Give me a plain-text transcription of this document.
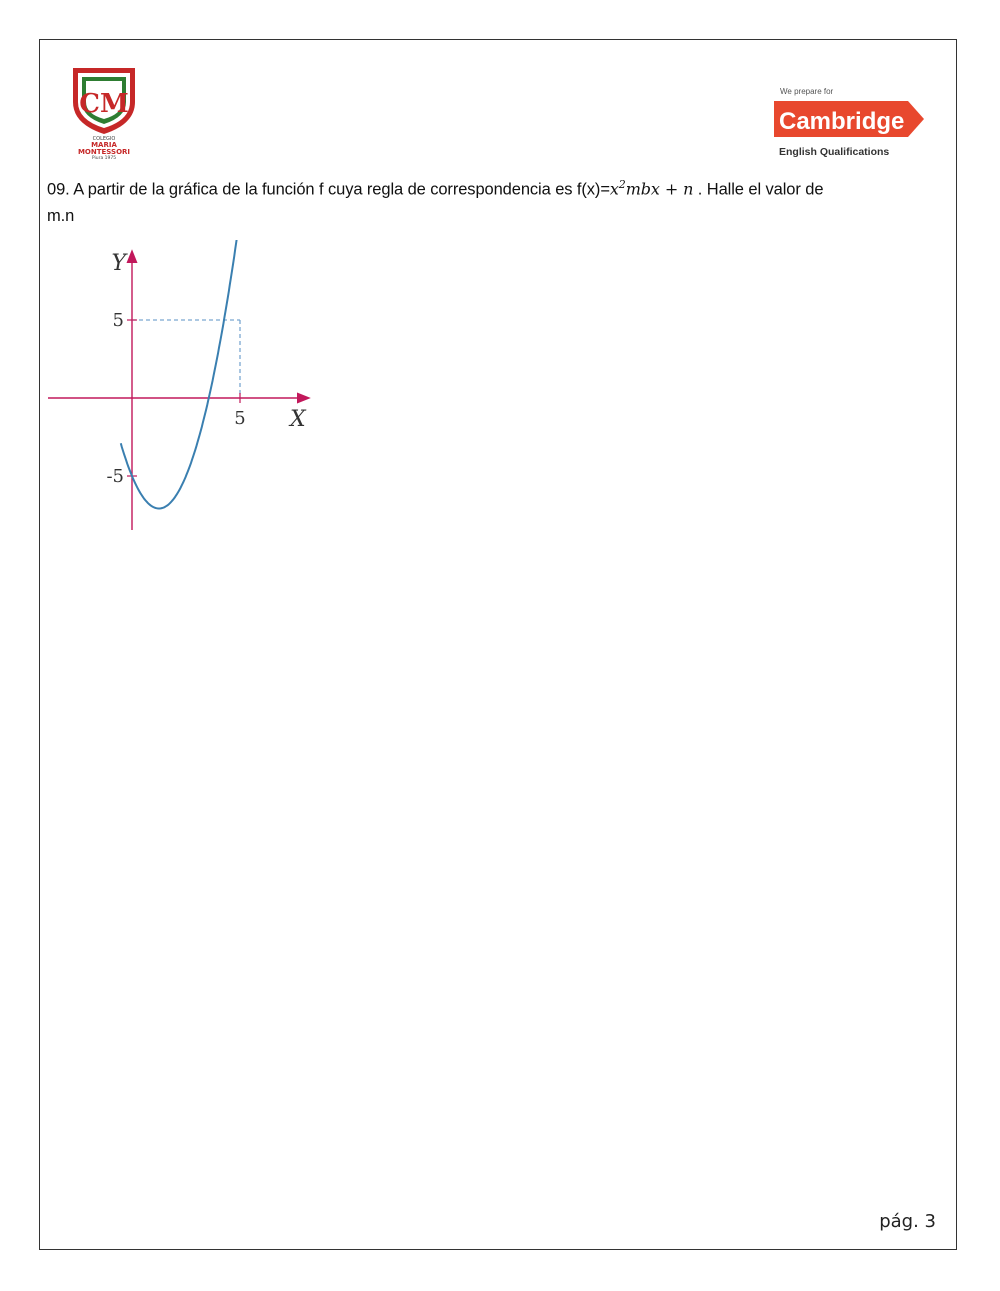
CM
COLEGIO
MARIA
MONTESSORI
Piura 1975
We prepare for
Cambridge
English Qualifications
09. A partir de la gráfica de la función f cuya regla de correspondencia es $f(x)=x^2mbx + n$ . Halle el valor de
m.n
5
5
-5
X
Y
pág. 3
